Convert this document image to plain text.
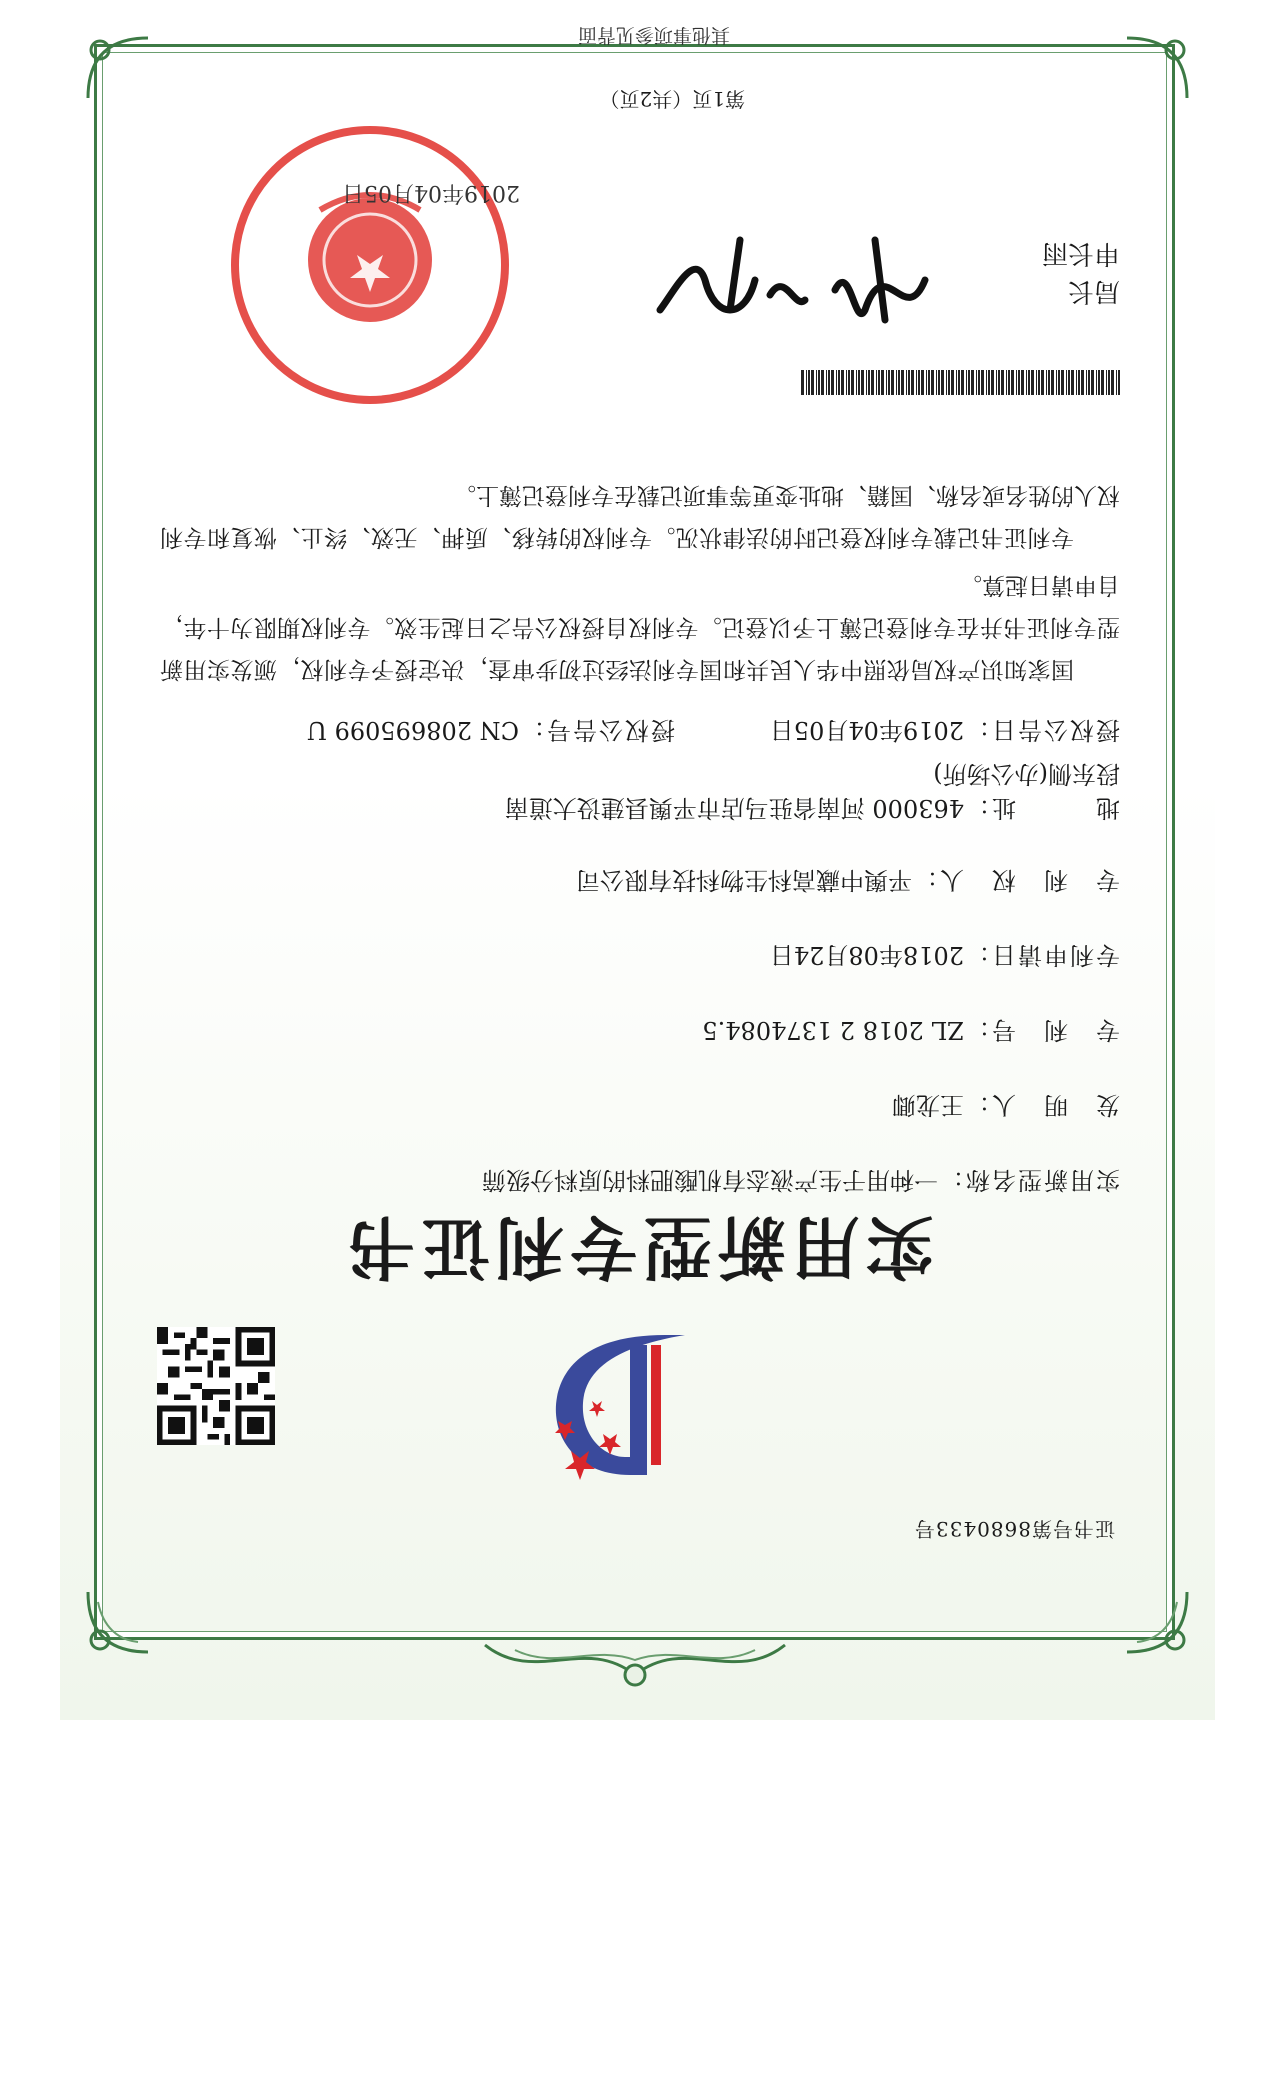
证书号第8680433号
实用新型专利证书
实用新型名称：一种用于生产液态有机酸肥料的原料分级筛
发　明　人：王龙卿
专　利　号：ZL 2018 2 1374084.5
专利申请日：2018年08月24日
专　利　权　人：平舆中藏高科生物科技有限公司
地　　　址：463000 河南省驻马店市平舆县建设大道南段东侧(办公场所)
授权公告日：2019年04月05日
授权公告号：CN 208695099 U
国家知识产权局依照中华人民共和国专利法经过初步审查，决定授予专利权，颁发实用新型专利证书并在专利登记簿上予以登记。专利权自授权公告之日起生效。专利权期限为十年，自申请日起算。
专利证书记载专利权登记时的法律状况。专利权的转移、质押、无效、终止、恢复和专利权人的姓名或名称、国籍、地址变更等事项记载在专利登记簿上。
局长
申长雨
2019年04月05日
第1页（共2页）
其他事项参见背面
